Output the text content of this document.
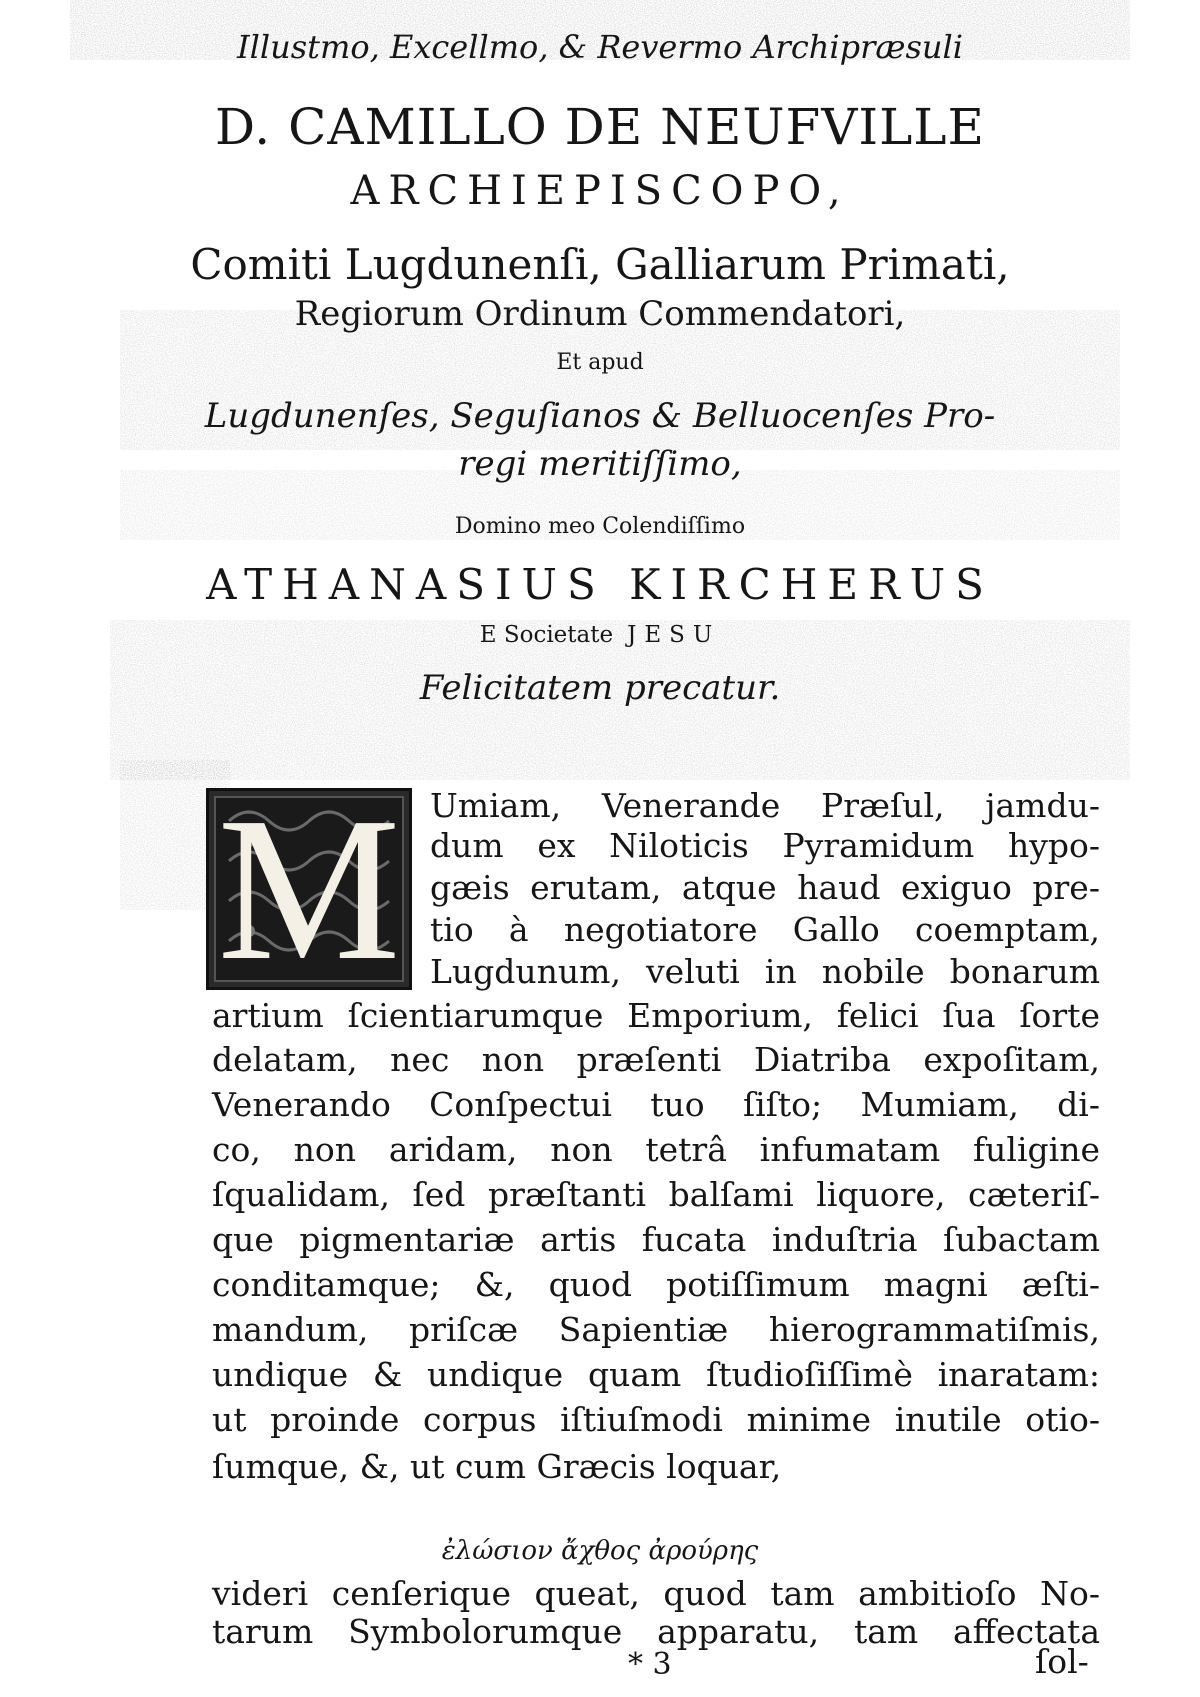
Illustmo, Excellmo, & Revermo Archipræsuli
D. CAMILLO DE NEUFVILLE
ARCHIEPISCOPO,
Comiti Lugdunenſi, Galliarum Primati,
Regiorum Ordinum Commendatori,
Et apud
Lugdunenſes, Seguſianos & Belluocenſes Pro-
regi meritiſſimo,
Domino meo Colendiſſimo
ATHANASIUS KIRCHERUS
E Societate JESU
Felicitatem precatur.
M Umiam, Venerande Præſul, jamdu-
dum ex Niloticis Pyramidum hypo-
gæis erutam, atque haud exiguo pre-
tio à negotiatore Gallo coemptam,
Lugdunum, veluti in nobile bonarum
artium ſcientiarumque Emporium, felici ſua ſorte
delatam, nec non præſenti Diatriba expoſitam,
Venerando Conſpectui tuo ſiſto; Mumiam, di-
co, non aridam, non tetrâ infumatam fuligine
ſqualidam, ſed præſtanti balſami liquore, cæteriſ-
que pigmentariæ artis fucata induſtria ſubactam
conditamque; &, quod potiſſimum magni æſti-
mandum, priſcæ Sapientiæ hierogrammatiſmis,
undique & undique quam ſtudioſiſſimè inaratam:
ut proinde corpus iſtiuſmodi minime inutile otio-
ſumque, &, ut cum Græcis loquar,
ἐλώσιον ἄχθος ἀρούρης
videri cenſerique queat, quod tam ambitioſo No-
tarum Symbolorumque apparatu, tam affectata
* 3	ſol-
